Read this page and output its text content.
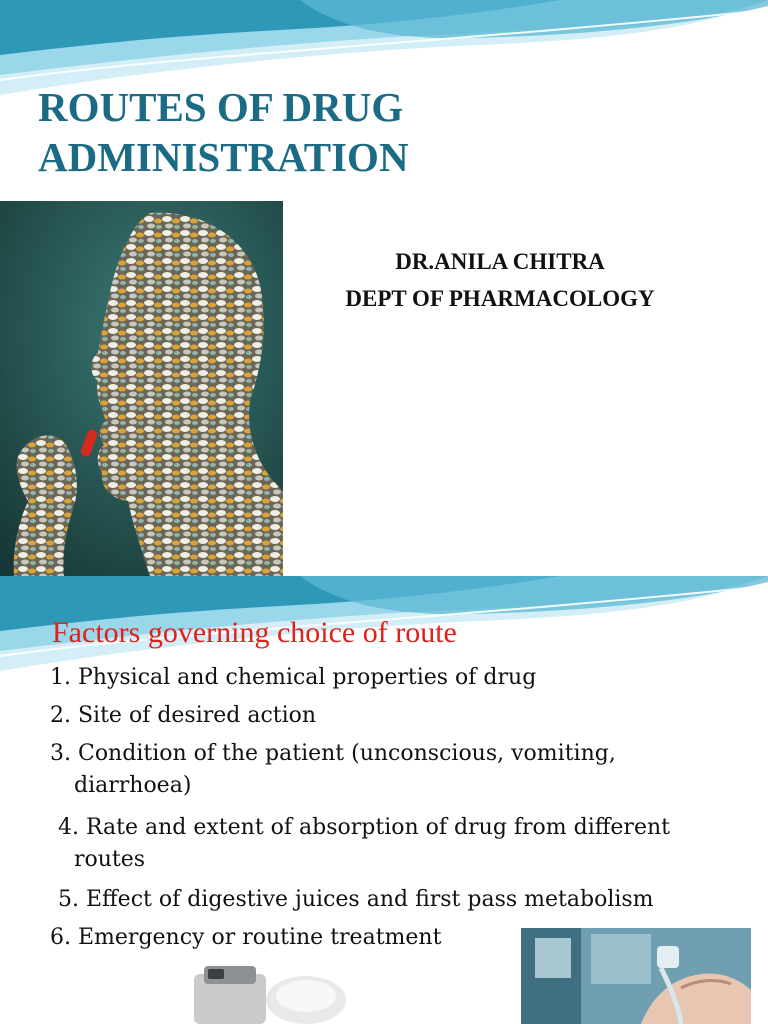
ROUTES OF DRUG
ADMINISTRATION
DR.ANILA CHITRA
DEPT OF PHARMACOLOGY
Factors governing choice of route
1. Physical and chemical properties of drug
2. Site of desired action
3. Condition of the patient (unconscious, vomiting,
diarrhoea)
4. Rate and extent of absorption of drug from different
routes
5. Effect of digestive juices and first pass metabolism
6. Emergency or routine treatment
